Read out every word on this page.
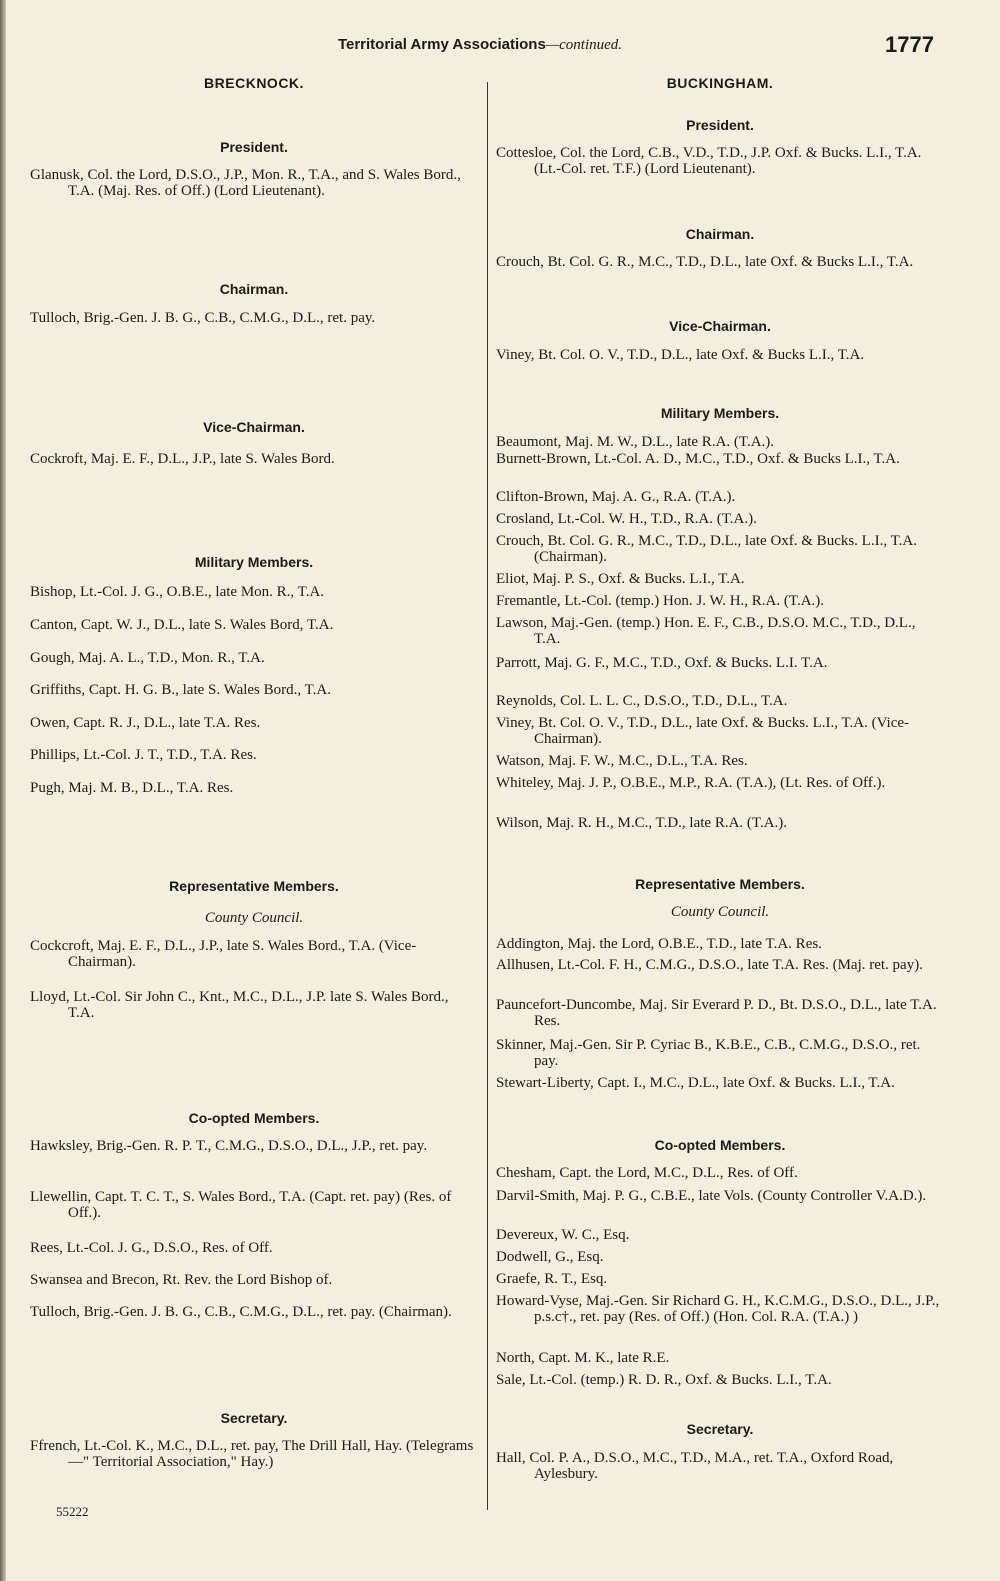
Territorial Army Associations—continued.	1777
BRECKNOCK.
President.
Glanusk, Col. the Lord, D.S.O., J.P., Mon. R., T.A., and S. Wales Bord., T.A. (Maj. Res. of Off.) (Lord Lieutenant).
Chairman.
Tulloch, Brig.-Gen. J. B. G., C.B., C.M.G., D.L., ret. pay.
Vice-Chairman.
Cockroft, Maj. E. F., D.L., J.P., late S. Wales Bord.
Military Members.
Bishop, Lt.-Col. J. G., O.B.E., late Mon. R., T.A.
Canton, Capt. W. J., D.L., late S. Wales Bord, T.A.
Gough, Maj. A. L., T.D., Mon. R., T.A.
Griffiths, Capt. H. G. B., late S. Wales Bord., T.A.
Owen, Capt. R. J., D.L., late T.A. Res.
Phillips, Lt.-Col. J. T., T.D., T.A. Res.
Pugh, Maj. M. B., D.L., T.A. Res.
Representative Members.
County Council.
Cockcroft, Maj. E. F., D.L., J.P., late S. Wales Bord., T.A. (Vice-Chairman).
Lloyd, Lt.-Col. Sir John C., Knt., M.C., D.L., J.P. late S. Wales Bord., T.A.
Co-opted Members.
Hawksley, Brig.-Gen. R. P. T., C.M.G., D.S.O., D.L., J.P., ret. pay.
Llewellin, Capt. T. C. T., S. Wales Bord., T.A. (Capt. ret. pay) (Res. of Off.).
Rees, Lt.-Col. J. G., D.S.O., Res. of Off.
Swansea and Brecon, Rt. Rev. the Lord Bishop of.
Tulloch, Brig.-Gen. J. B. G., C.B., C.M.G., D.L., ret. pay. (Chairman).
Secretary.
Ffrench, Lt.-Col. K., M.C., D.L., ret. pay, The Drill Hall, Hay. (Telegrams—" Territorial Association," Hay.)
BUCKINGHAM.
President.
Cottesloe, Col. the Lord, C.B., V.D., T.D., J.P. Oxf. & Bucks. L.I., T.A. (Lt.-Col. ret. T.F.) (Lord Lieutenant).
Chairman.
Crouch, Bt. Col. G. R., M.C., T.D., D.L., late Oxf. & Bucks L.I., T.A.
Vice-Chairman.
Viney, Bt. Col. O. V., T.D., D.L., late Oxf. & Bucks L.I., T.A.
Military Members.
Beaumont, Maj. M. W., D.L., late R.A. (T.A.).
Burnett-Brown, Lt.-Col. A. D., M.C., T.D., Oxf. & Bucks L.I., T.A.
Clifton-Brown, Maj. A. G., R.A. (T.A.).
Crosland, Lt.-Col. W. H., T.D., R.A. (T.A.).
Crouch, Bt. Col. G. R., M.C., T.D., D.L., late Oxf. & Bucks. L.I., T.A. (Chairman).
Eliot, Maj. P. S., Oxf. & Bucks. L.I., T.A.
Fremantle, Lt.-Col. (temp.) Hon. J. W. H., R.A. (T.A.).
Lawson, Maj.-Gen. (temp.) Hon. E. F., C.B., D.S.O. M.C., T.D., D.L., T.A.
Parrott, Maj. G. F., M.C., T.D., Oxf. & Bucks. L.I. T.A.
Reynolds, Col. L. L. C., D.S.O., T.D., D.L., T.A.
Viney, Bt. Col. O. V., T.D., D.L., late Oxf. & Bucks. L.I., T.A. (Vice-Chairman).
Watson, Maj. F. W., M.C., D.L., T.A. Res.
Whiteley, Maj. J. P., O.B.E., M.P., R.A. (T.A.), (Lt. Res. of Off.).
Wilson, Maj. R. H., M.C., T.D., late R.A. (T.A.).
Representative Members.
County Council.
Addington, Maj. the Lord, O.B.E., T.D., late T.A. Res.
Allhusen, Lt.-Col. F. H., C.M.G., D.S.O., late T.A. Res. (Maj. ret. pay).
Pauncefort-Duncombe, Maj. Sir Everard P. D., Bt. D.S.O., D.L., late T.A. Res.
Skinner, Maj.-Gen. Sir P. Cyriac B., K.B.E., C.B., C.M.G., D.S.O., ret. pay.
Stewart-Liberty, Capt. I., M.C., D.L., late Oxf. & Bucks. L.I., T.A.
Co-opted Members.
Chesham, Capt. the Lord, M.C., D.L., Res. of Off.
Darvil-Smith, Maj. P. G., C.B.E., late Vols. (County Controller V.A.D.).
Devereux, W. C., Esq.
Dodwell, G., Esq.
Graefe, R. T., Esq.
Howard-Vyse, Maj.-Gen. Sir Richard G. H., K.C.M.G., D.S.O., D.L., J.P., p.s.c†., ret. pay (Res. of Off.) (Hon. Col. R.A. (T.A.) )
North, Capt. M. K., late R.E.
Sale, Lt.-Col. (temp.) R. D. R., Oxf. & Bucks. L.I., T.A.
Secretary.
Hall, Col. P. A., D.S.O., M.C., T.D., M.A., ret. T.A., Oxford Road, Aylesbury.
55222
